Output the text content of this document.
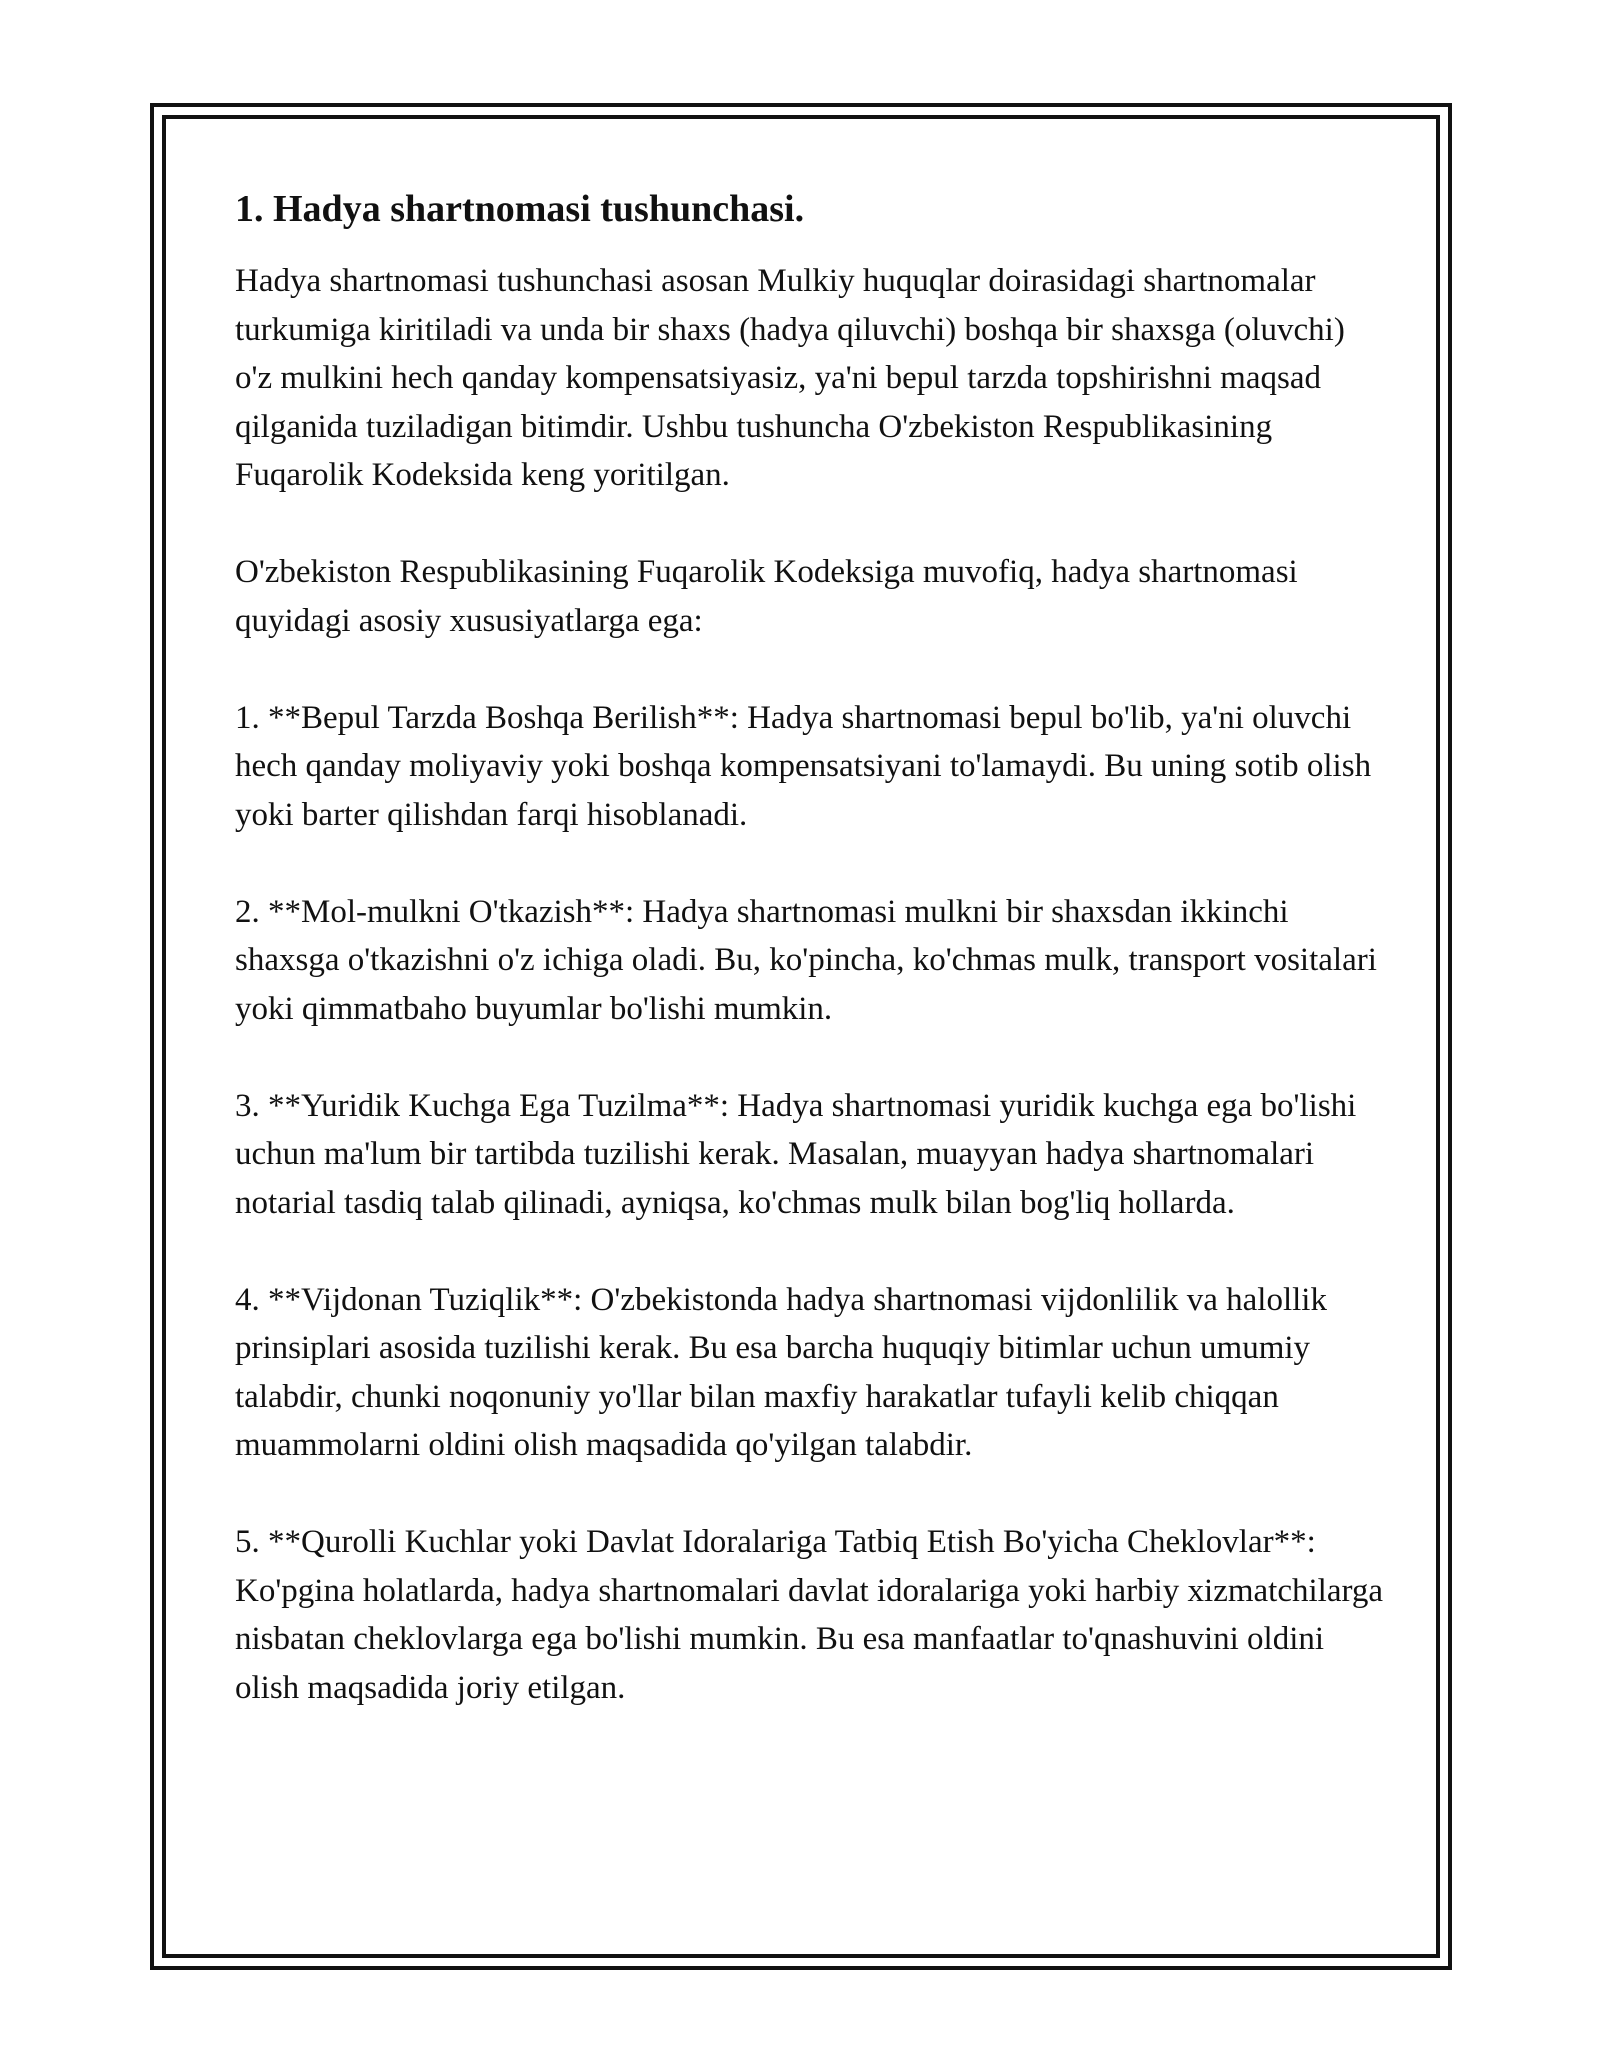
1. Hadya shartnomasi tushunchasi.

Hadya shartnomasi tushunchasi asosan Mulkiy huquqlar doirasidagi shartnomalar turkumiga kiritiladi va unda bir shaxs (hadya qiluvchi) boshqa bir shaxsga (oluvchi) o'z mulkini hech qanday kompensatsiyasiz, ya'ni bepul tarzda topshirishni maqsad qilganida tuziladigan bitimdir. Ushbu tushuncha O'zbekiston Respublikasining Fuqarolik Kodeksida keng yoritilgan.

O'zbekiston Respublikasining Fuqarolik Kodeksiga muvofiq, hadya shartnomasi quyidagi asosiy xususiyatlarga ega:

1. **Bepul Tarzda Boshqa Berilish**: Hadya shartnomasi bepul bo'lib, ya'ni oluvchi hech qanday moliyaviy yoki boshqa kompensatsiyani to'lamaydi. Bu uning sotib olish yoki barter qilishdan farqi hisoblanadi.

2. **Mol-mulkni O'tkazish**: Hadya shartnomasi mulkni bir shaxsdan ikkinchi shaxsga o'tkazishni o'z ichiga oladi. Bu, ko'pincha, ko'chmas mulk, transport vositalari yoki qimmatbaho buyumlar bo'lishi mumkin.

3. **Yuridik Kuchga Ega Tuzilma**: Hadya shartnomasi yuridik kuchga ega bo'lishi uchun ma'lum bir tartibda tuzilishi kerak. Masalan, muayyan hadya shartnomalari notarial tasdiq talab qilinadi, ayniqsa, ko'chmas mulk bilan bog'liq hollarda.

4. **Vijdonan Tuziqlik**: O'zbekistonda hadya shartnomasi vijdonlilik va halollik prinsiplari asosida tuzilishi kerak. Bu esa barcha huquqiy bitimlar uchun umumiy talabdir, chunki noqonuniy yo'llar bilan maxfiy harakatlar tufayli kelib chiqqan muammolarni oldini olish maqsadida qo'yilgan talabdir.

5. **Qurolli Kuchlar yoki Davlat Idoralariga Tatbiq Etish Bo'yicha Cheklovlar**: Ko'pgina holatlarda, hadya shartnomalari davlat idoralariga yoki harbiy xizmatchilarga nisbatan cheklovlarga ega bo'lishi mumkin. Bu esa manfaatlar to'qnashuvini oldini olish maqsadida joriy etilgan.
